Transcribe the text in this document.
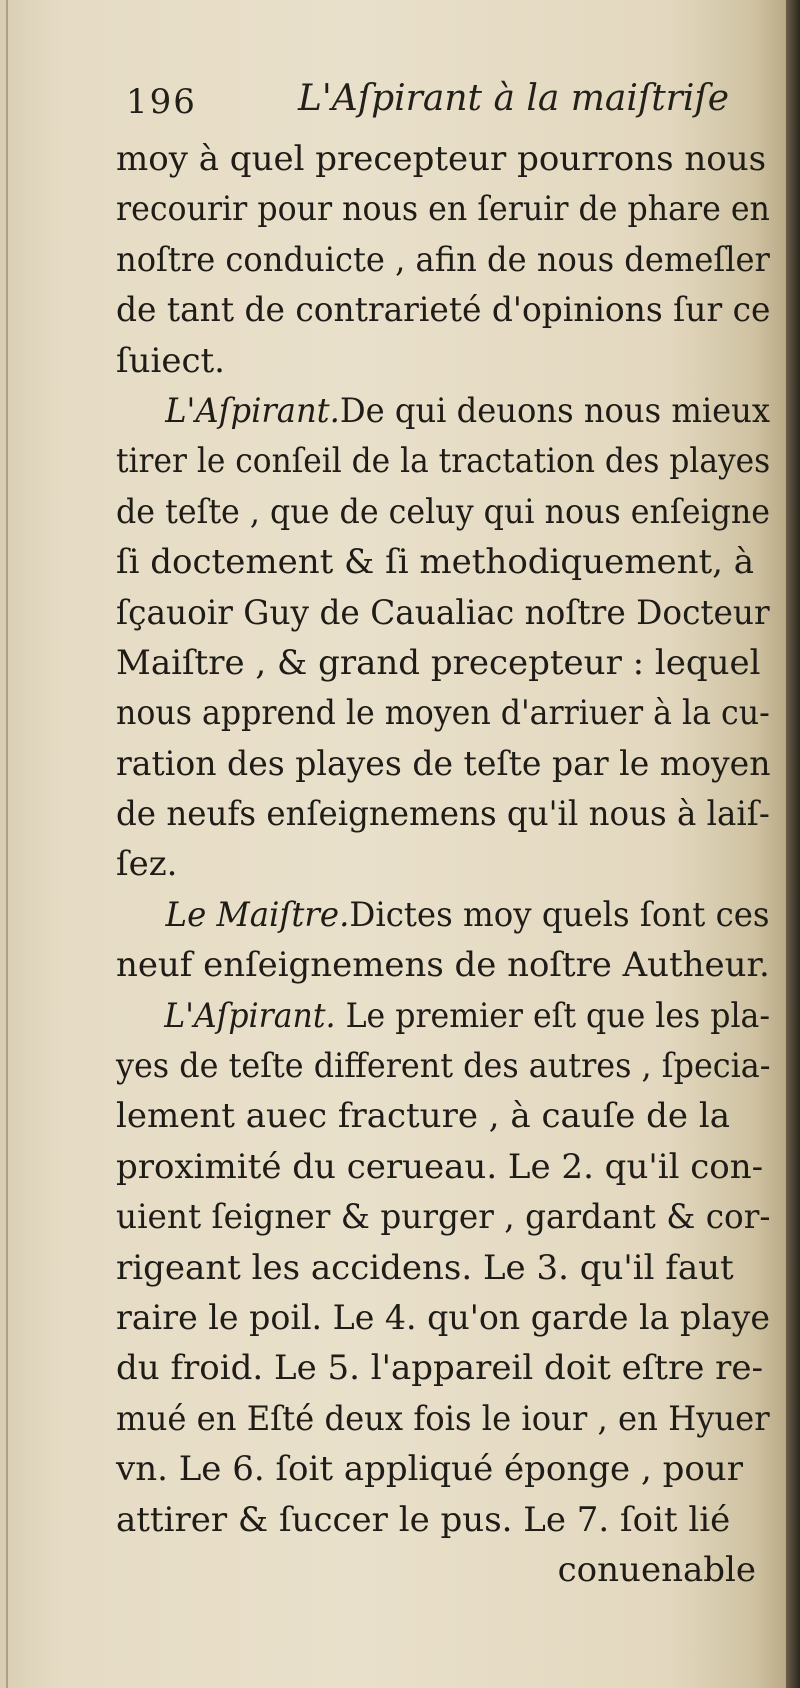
196	L'Aſpirant à la maiſtriſe
moy à quel precepteur pourrons nous
recourir pour nous en ſeruir de phare en
noſtre conduicte , afin de nous demeſler
de tant de contrarieté d'opinions ſur ce
ſuiect.
L'Aſpirant.De qui deuons nous mieux
tirer le conſeil de la tractation des playes
de teſte , que de celuy qui nous enſeigne
ſi doctement & ſi methodiquement, à
ſçauoir Guy de Caualiac noſtre Docteur
Maiſtre , & grand precepteur : lequel
nous apprend le moyen d'arriuer à la cu-
ration des playes de teſte par le moyen
de neufs enſeignemens qu'il nous à laiſ-
ſez.
Le Maiſtre.Dictes moy quels ſont ces
neuf enſeignemens de noſtre Autheur.
L'Aſpirant. Le premier eſt que les pla-
yes de teſte different des autres , ſpecia-
lement auec fracture , à cauſe de la
proximité du cerueau. Le 2. qu'il con-
uient ſeigner & purger , gardant & cor-
rigeant les accidens. Le 3. qu'il faut
raire le poil. Le 4. qu'on garde la playe
du froid. Le 5. l'appareil doit eſtre re-
mué en Eſté deux fois le iour , en Hyuer
vn. Le 6. ſoit appliqué éponge , pour
attirer & ſuccer le pus. Le 7. ſoit lié
conuenable
